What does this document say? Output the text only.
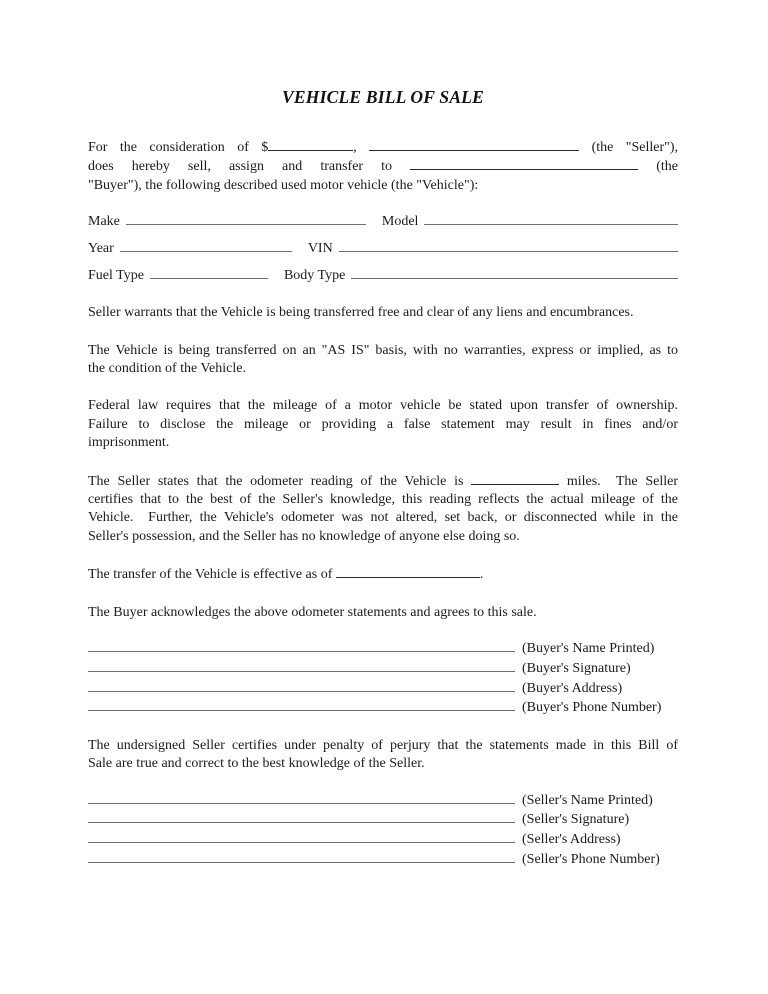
VEHICLE BILL OF SALE
For the consideration of $	,	(the "Seller"),
does hereby sell, assign and transfer to	(the
"Buyer"), the following described used motor vehicle (the "Vehicle"):
Make	Model
Year	VIN
Fuel Type	Body Type
Seller warrants that the Vehicle is being transferred free and clear of any liens and encumbrances.
The Vehicle is being transferred on an "AS IS" basis, with no warranties, express or implied, as to
the condition of the Vehicle.
Federal law requires that the mileage of a motor vehicle be stated upon transfer of ownership.
Failure to disclose the mileage or providing a false statement may result in fines and/or
imprisonment.
The Seller states that the odometer reading of the Vehicle is	miles.  The Seller
certifies that to the best of the Seller's knowledge, this reading reflects the actual mileage of the
Vehicle.  Further, the Vehicle's odometer was not altered, set back, or disconnected while in the
Seller's possession, and the Seller has no knowledge of anyone else doing so.
The transfer of the Vehicle is effective as of	.
The Buyer acknowledges the above odometer statements and agrees to this sale.
(Buyer's Name Printed)
(Buyer's Signature)
(Buyer's Address)
(Buyer's Phone Number)
The undersigned Seller certifies under penalty of perjury that the statements made in this Bill of
Sale are true and correct to the best knowledge of the Seller.
(Seller's Name Printed)
(Seller's Signature)
(Seller's Address)
(Seller's Phone Number)
